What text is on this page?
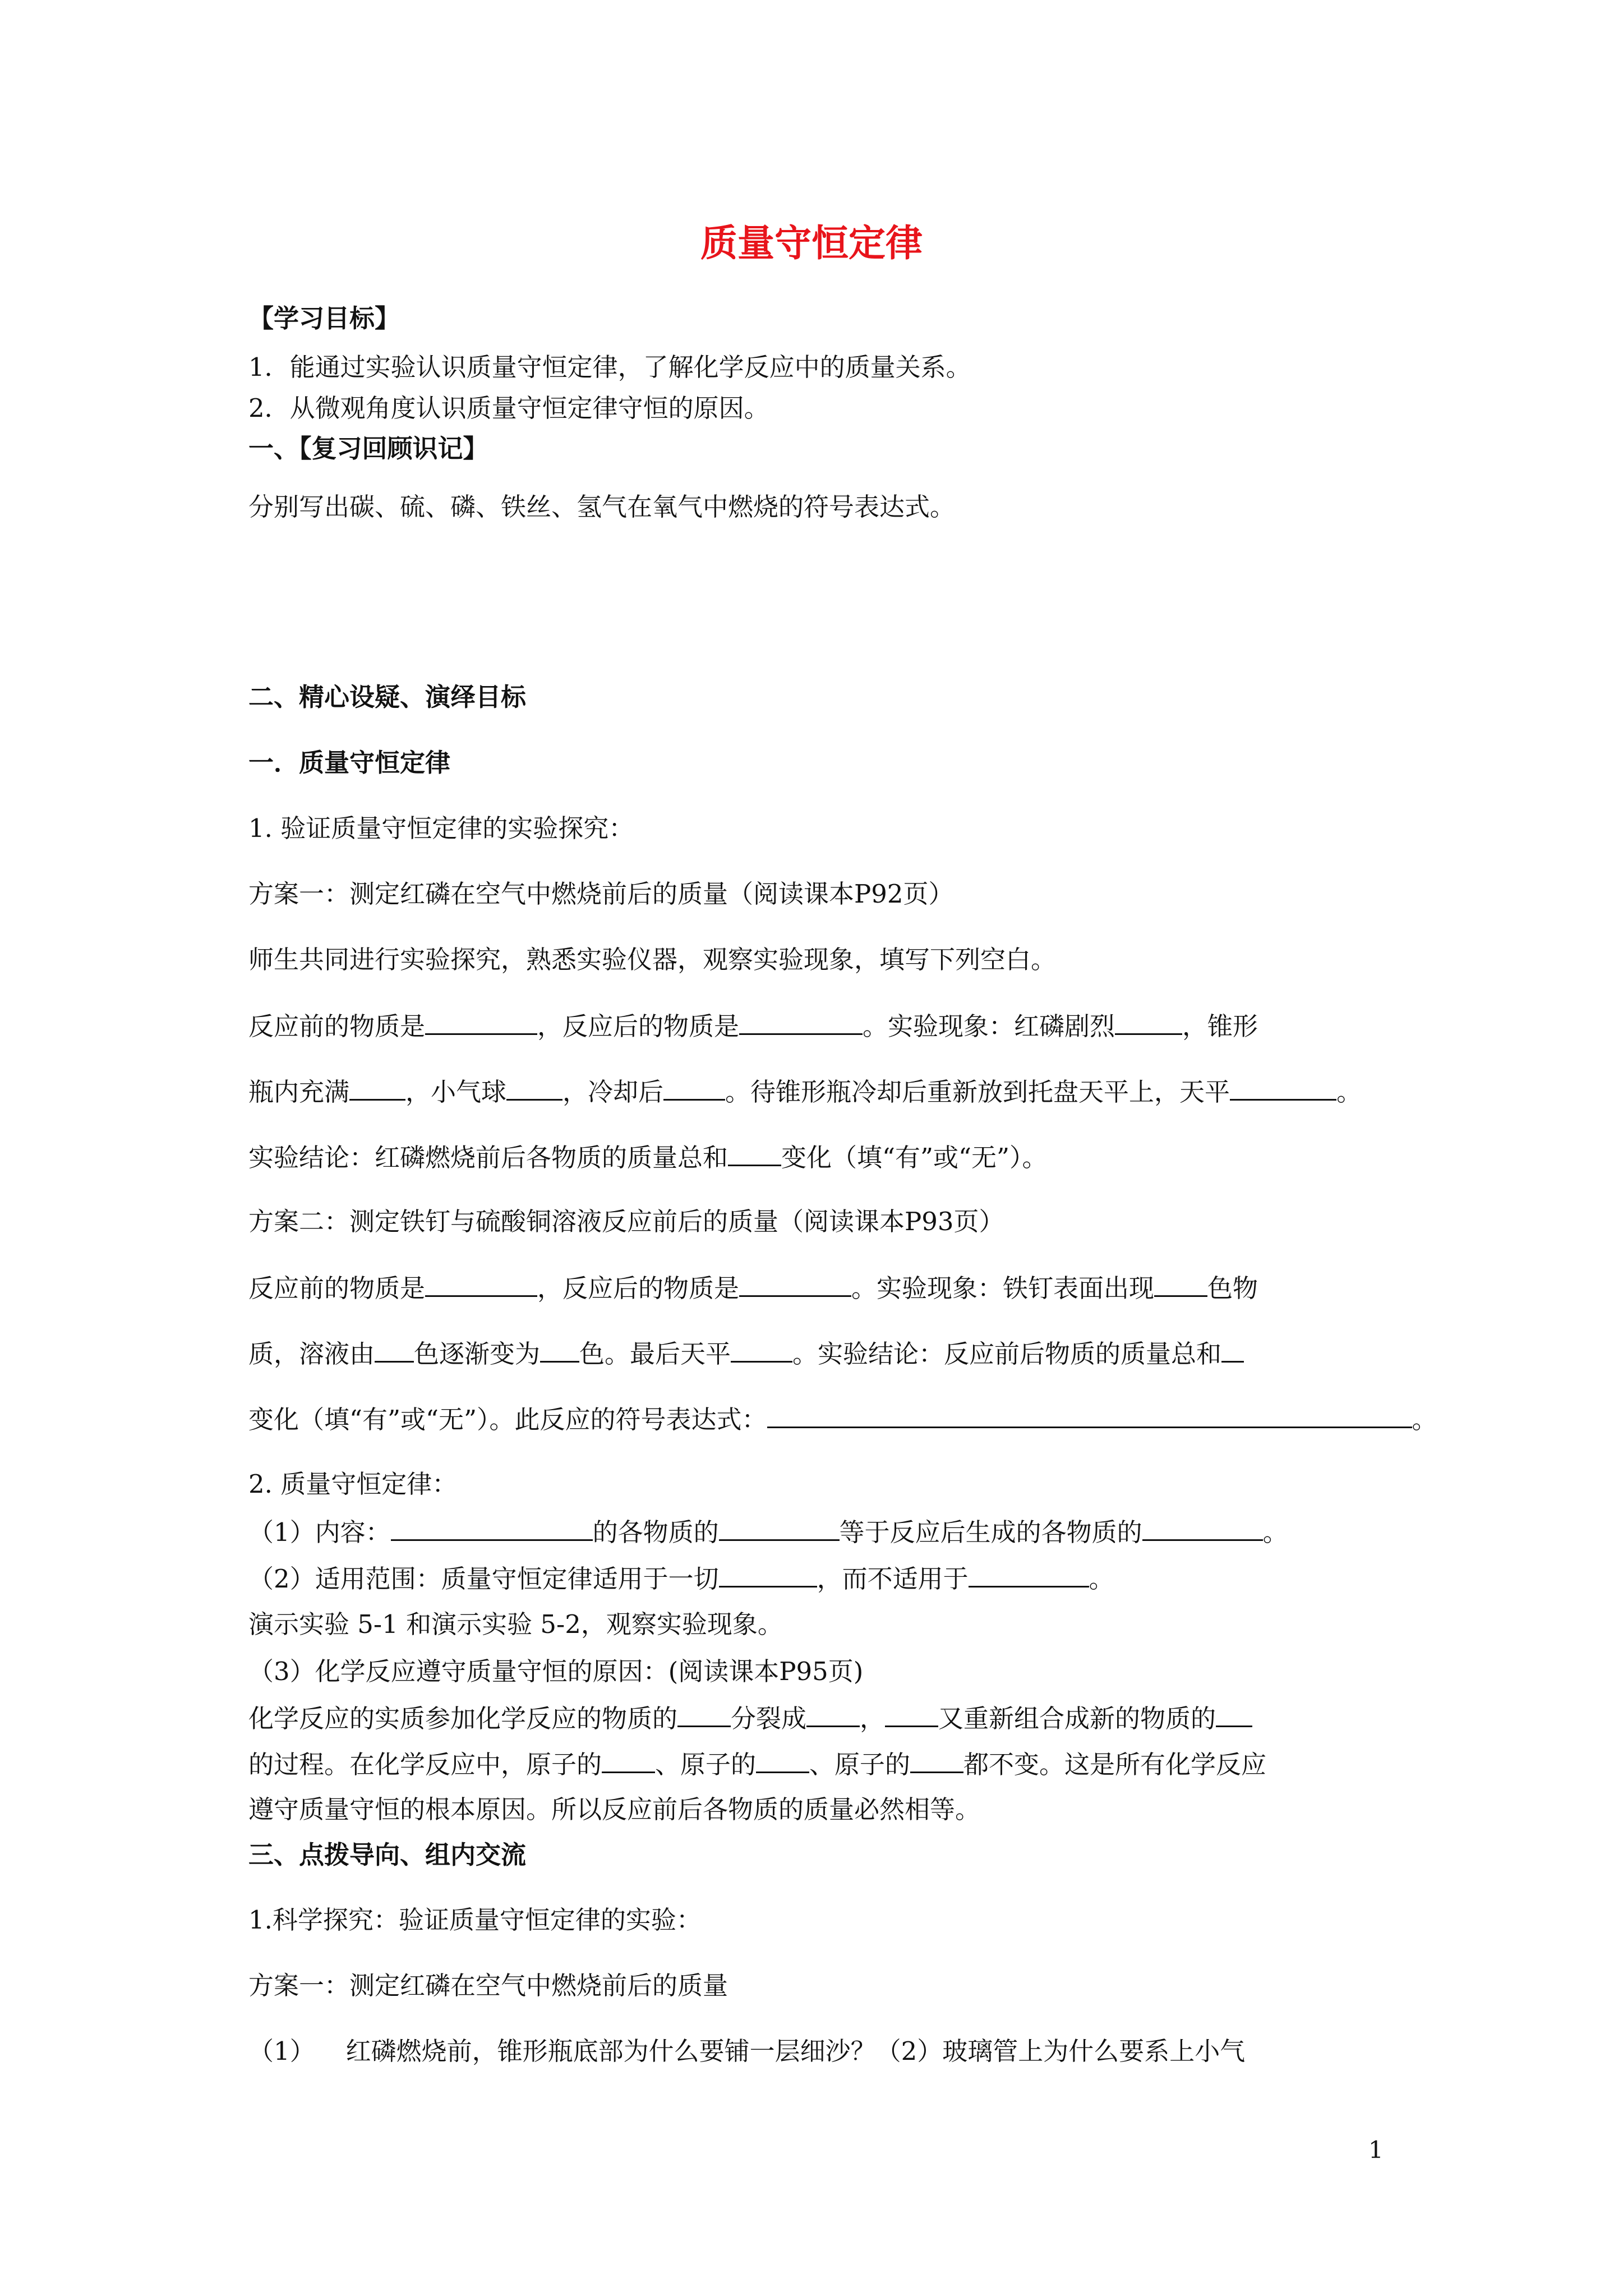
质量守恒定律
【学习目标】
1．能通过实验认识质量守恒定律，了解化学反应中的质量关系。
2．从微观角度认识质量守恒定律守恒的原因。
一、【复习回顾识记】
分别写出碳、硫、磷、铁丝、氢气在氧气中燃烧的符号表达式。
二、精心设疑、演绎目标
一．质量守恒定律
1. 验证质量守恒定律的实验探究：
方案一：测定红磷在空气中燃烧前后的质量（阅读课本P92页）
师生共同进行实验探究，熟悉实验仪器，观察实验现象，填写下列空白。
反应前的物质是	，反应后的物质是	。实验现象：红磷剧烈	，锥形
瓶内充满 ，小气球 ，冷却后 。待锥形瓶冷却后重新放到托盘天平上，天平	。
实验结论：红磷燃烧前后各物质的质量总和 变化（填“有”或“无”）。
方案二：测定铁钉与硫酸铜溶液反应前后的质量（阅读课本P93页）
反应前的物质是	，反应后的物质是	。实验现象：铁钉表面出现 色物
质，溶液由 色逐渐变为 色。最后天平 。实验结论：反应前后物质的质量总和
变化（填“有”或“无”）。此反应的符号表达式：	。
2. 质量守恒定律：
（1）内容：	的各物质的	等于反应后生成的各物质的	。
（2）适用范围：质量守恒定律适用于一切	，而不适用于	。
演示实验 5-1 和演示实验 5-2，观察实验现象。
（3）化学反应遵守质量守恒的原因：(阅读课本P95页)
化学反应的实质参加化学反应的物质的 分裂成 ， 又重新组合成新的物质的
的过程。在化学反应中，原子的 、原子的 、原子的 都不变。这是所有化学反应
遵守质量守恒的根本原因。所以反应前后各物质的质量必然相等。
三、点拨导向、组内交流
1.科学探究：验证质量守恒定律的实验：
方案一：测定红磷在空气中燃烧前后的质量
（1） 红磷燃烧前，锥形瓶底部为什么要铺一层细沙？（2）玻璃管上为什么要系上小气
1
